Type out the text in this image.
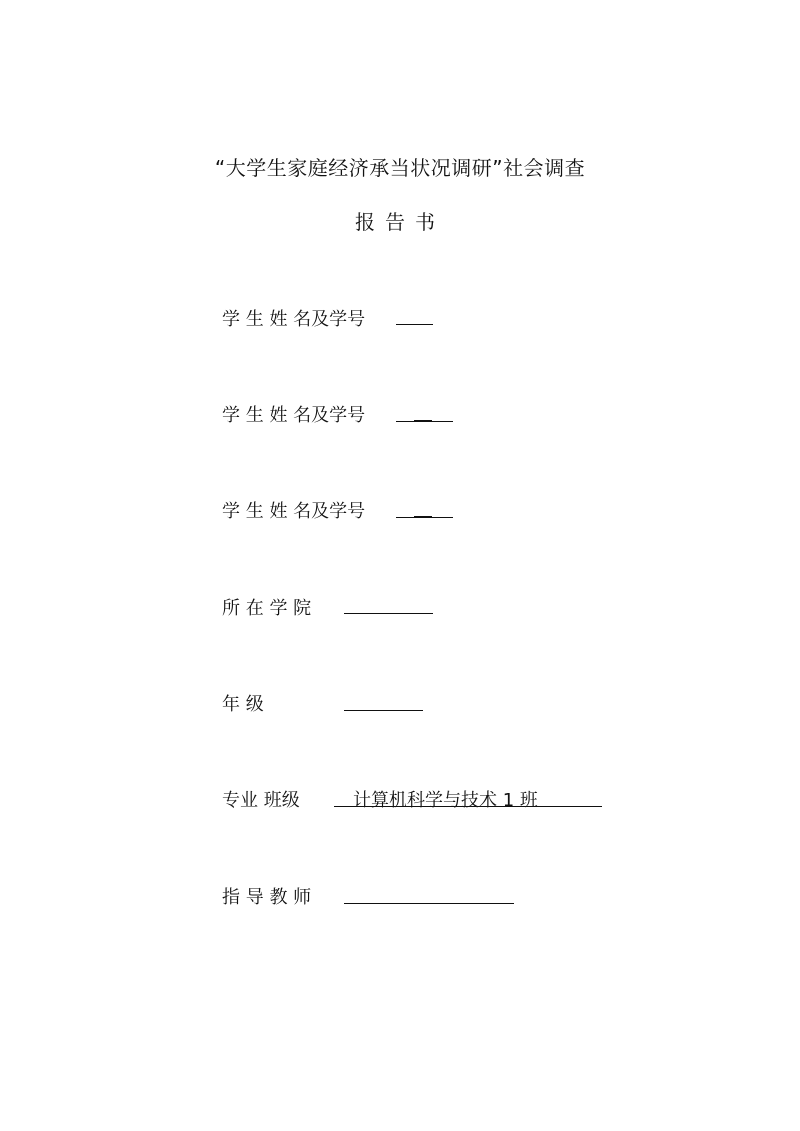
“大学生家庭经济承当状况调研”社会调查
报告书
学 生 姓 名及学号
学 生 姓 名及学号
学 生 姓 名及学号
所 在 学 院
年 级
专业 班级	计算机科学与技术 1 班
指 导 教 师
